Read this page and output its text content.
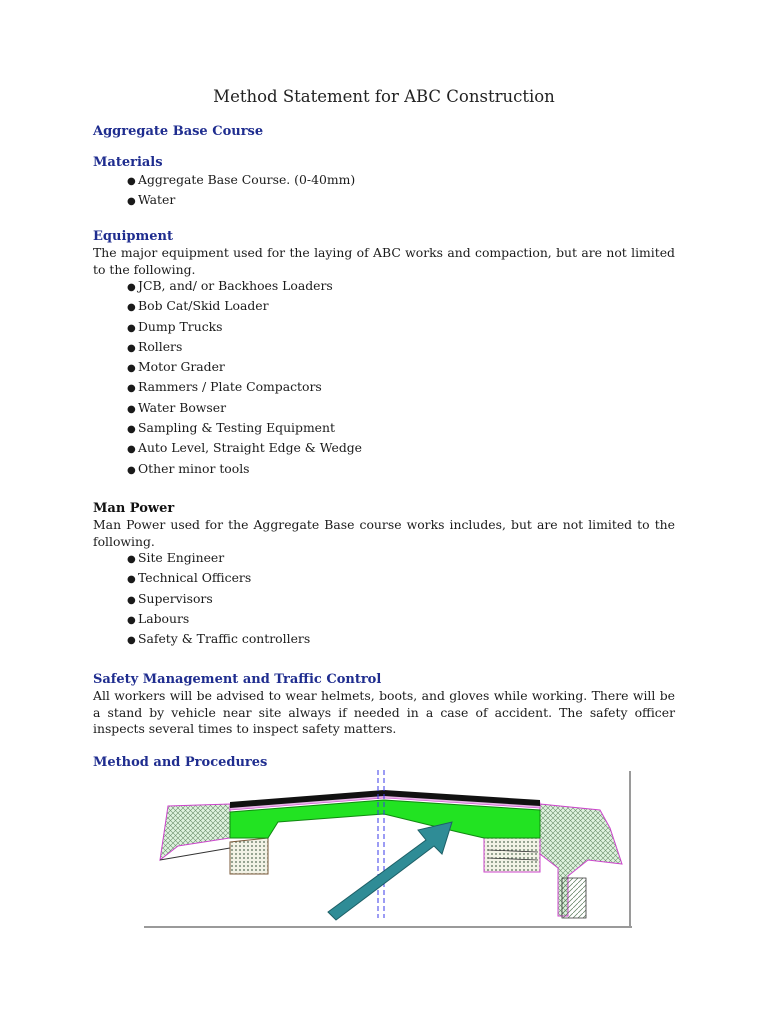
Method Statement for ABC Construction
Aggregate Base Course
Materials
● Aggregate Base Course. (0-40mm)
● Water
Equipment
The major equipment used for the laying of ABC works and compaction, but are not limited to the following.
● JCB, and/ or Backhoes Loaders
● Bob Cat/Skid Loader
● Dump Trucks
● Rollers
● Motor Grader
● Rammers / Plate Compactors
● Water Bowser
● Sampling & Testing Equipment
● Auto Level, Straight Edge & Wedge
● Other minor tools
Man Power
Man Power used for the Aggregate Base course works includes, but are not limited to the following.
● Site Engineer
● Technical Officers
● Supervisors
● Labours
● Safety & Traffic controllers
Safety Management and Traffic Control
All workers will be advised to wear helmets, boots, and gloves while working. There will be a stand by vehicle near site always if needed in a case of accident. The safety officer inspects several times to inspect safety matters.
Method and Procedures
